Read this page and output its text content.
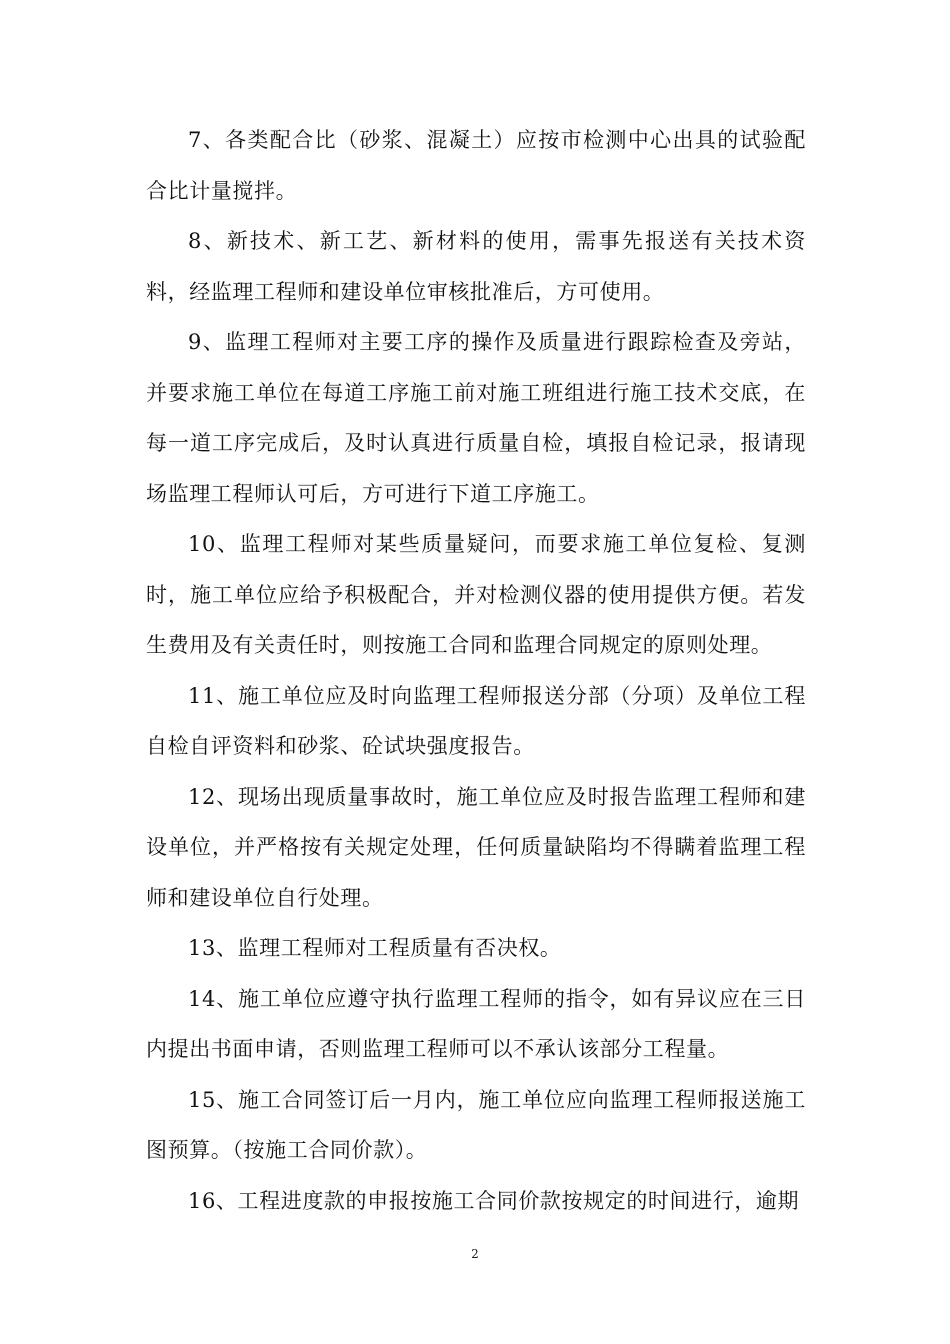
7、各类配合比（砂浆、混凝土）应按市检测中心出具的试验配合比计量搅拌。

8、新技术、新工艺、新材料的使用，需事先报送有关技术资料，经监理工程师和建设单位审核批准后，方可使用。

9、监理工程师对主要工序的操作及质量进行跟踪检查及旁站，并要求施工单位在每道工序施工前对施工班组进行施工技术交底，在每一道工序完成后，及时认真进行质量自检，填报自检记录，报请现场监理工程师认可后，方可进行下道工序施工。

10、监理工程师对某些质量疑问，而要求施工单位复检、复测时，施工单位应给予积极配合，并对检测仪器的使用提供方便。若发生费用及有关责任时，则按施工合同和监理合同规定的原则处理。

11、施工单位应及时向监理工程师报送分部（分项）及单位工程自检自评资料和砂浆、砼试块强度报告。

12、现场出现质量事故时，施工单位应及时报告监理工程师和建设单位，并严格按有关规定处理，任何质量缺陷均不得瞒着监理工程师和建设单位自行处理。

13、监理工程师对工程质量有否决权。

14、施工单位应遵守执行监理工程师的指令，如有异议应在三日内提出书面申请，否则监理工程师可以不承认该部分工程量。

15、施工合同签订后一月内，施工单位应向监理工程师报送施工图预算。（按施工合同价款）。

16、工程进度款的申报按施工合同价款按规定的时间进行，逾期

2
